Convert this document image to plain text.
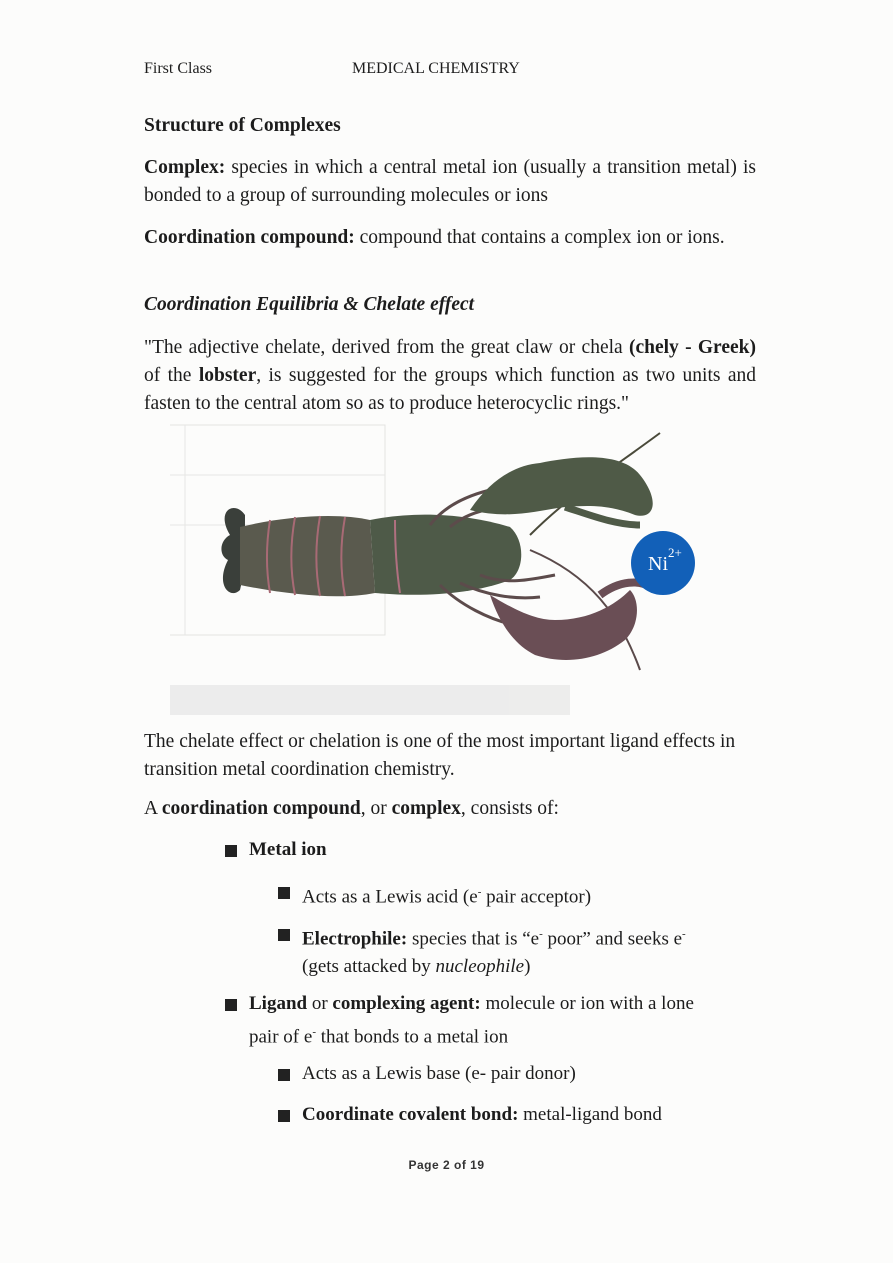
First Class	MEDICAL CHEMISTRY
Structure of Complexes
Complex: species in which a central metal ion (usually a transition metal) is bonded to a group of surrounding molecules or ions
Coordination compound: compound that contains a complex ion or ions.
Coordination Equilibria & Chelate effect
"The adjective chelate, derived from the great claw or chela (chely - Greek) of the lobster, is suggested for the groups which function as two units and fasten to the central atom so as to produce heterocyclic rings."
Ni
2+
The chelate effect or chelation is one of the most important ligand effects in transition metal coordination chemistry.
A coordination compound, or complex, consists of:
Metal ion
Acts as a Lewis acid (e- pair acceptor)
Electrophile: species that is “e- poor” and seeks e-
(gets attacked by nucleophile)
Ligand or complexing agent: molecule or ion with a lone
pair of e- that bonds to a metal ion
Acts as a Lewis base (e- pair donor)
Coordinate covalent bond: metal-ligand bond
Page 2 of 19
